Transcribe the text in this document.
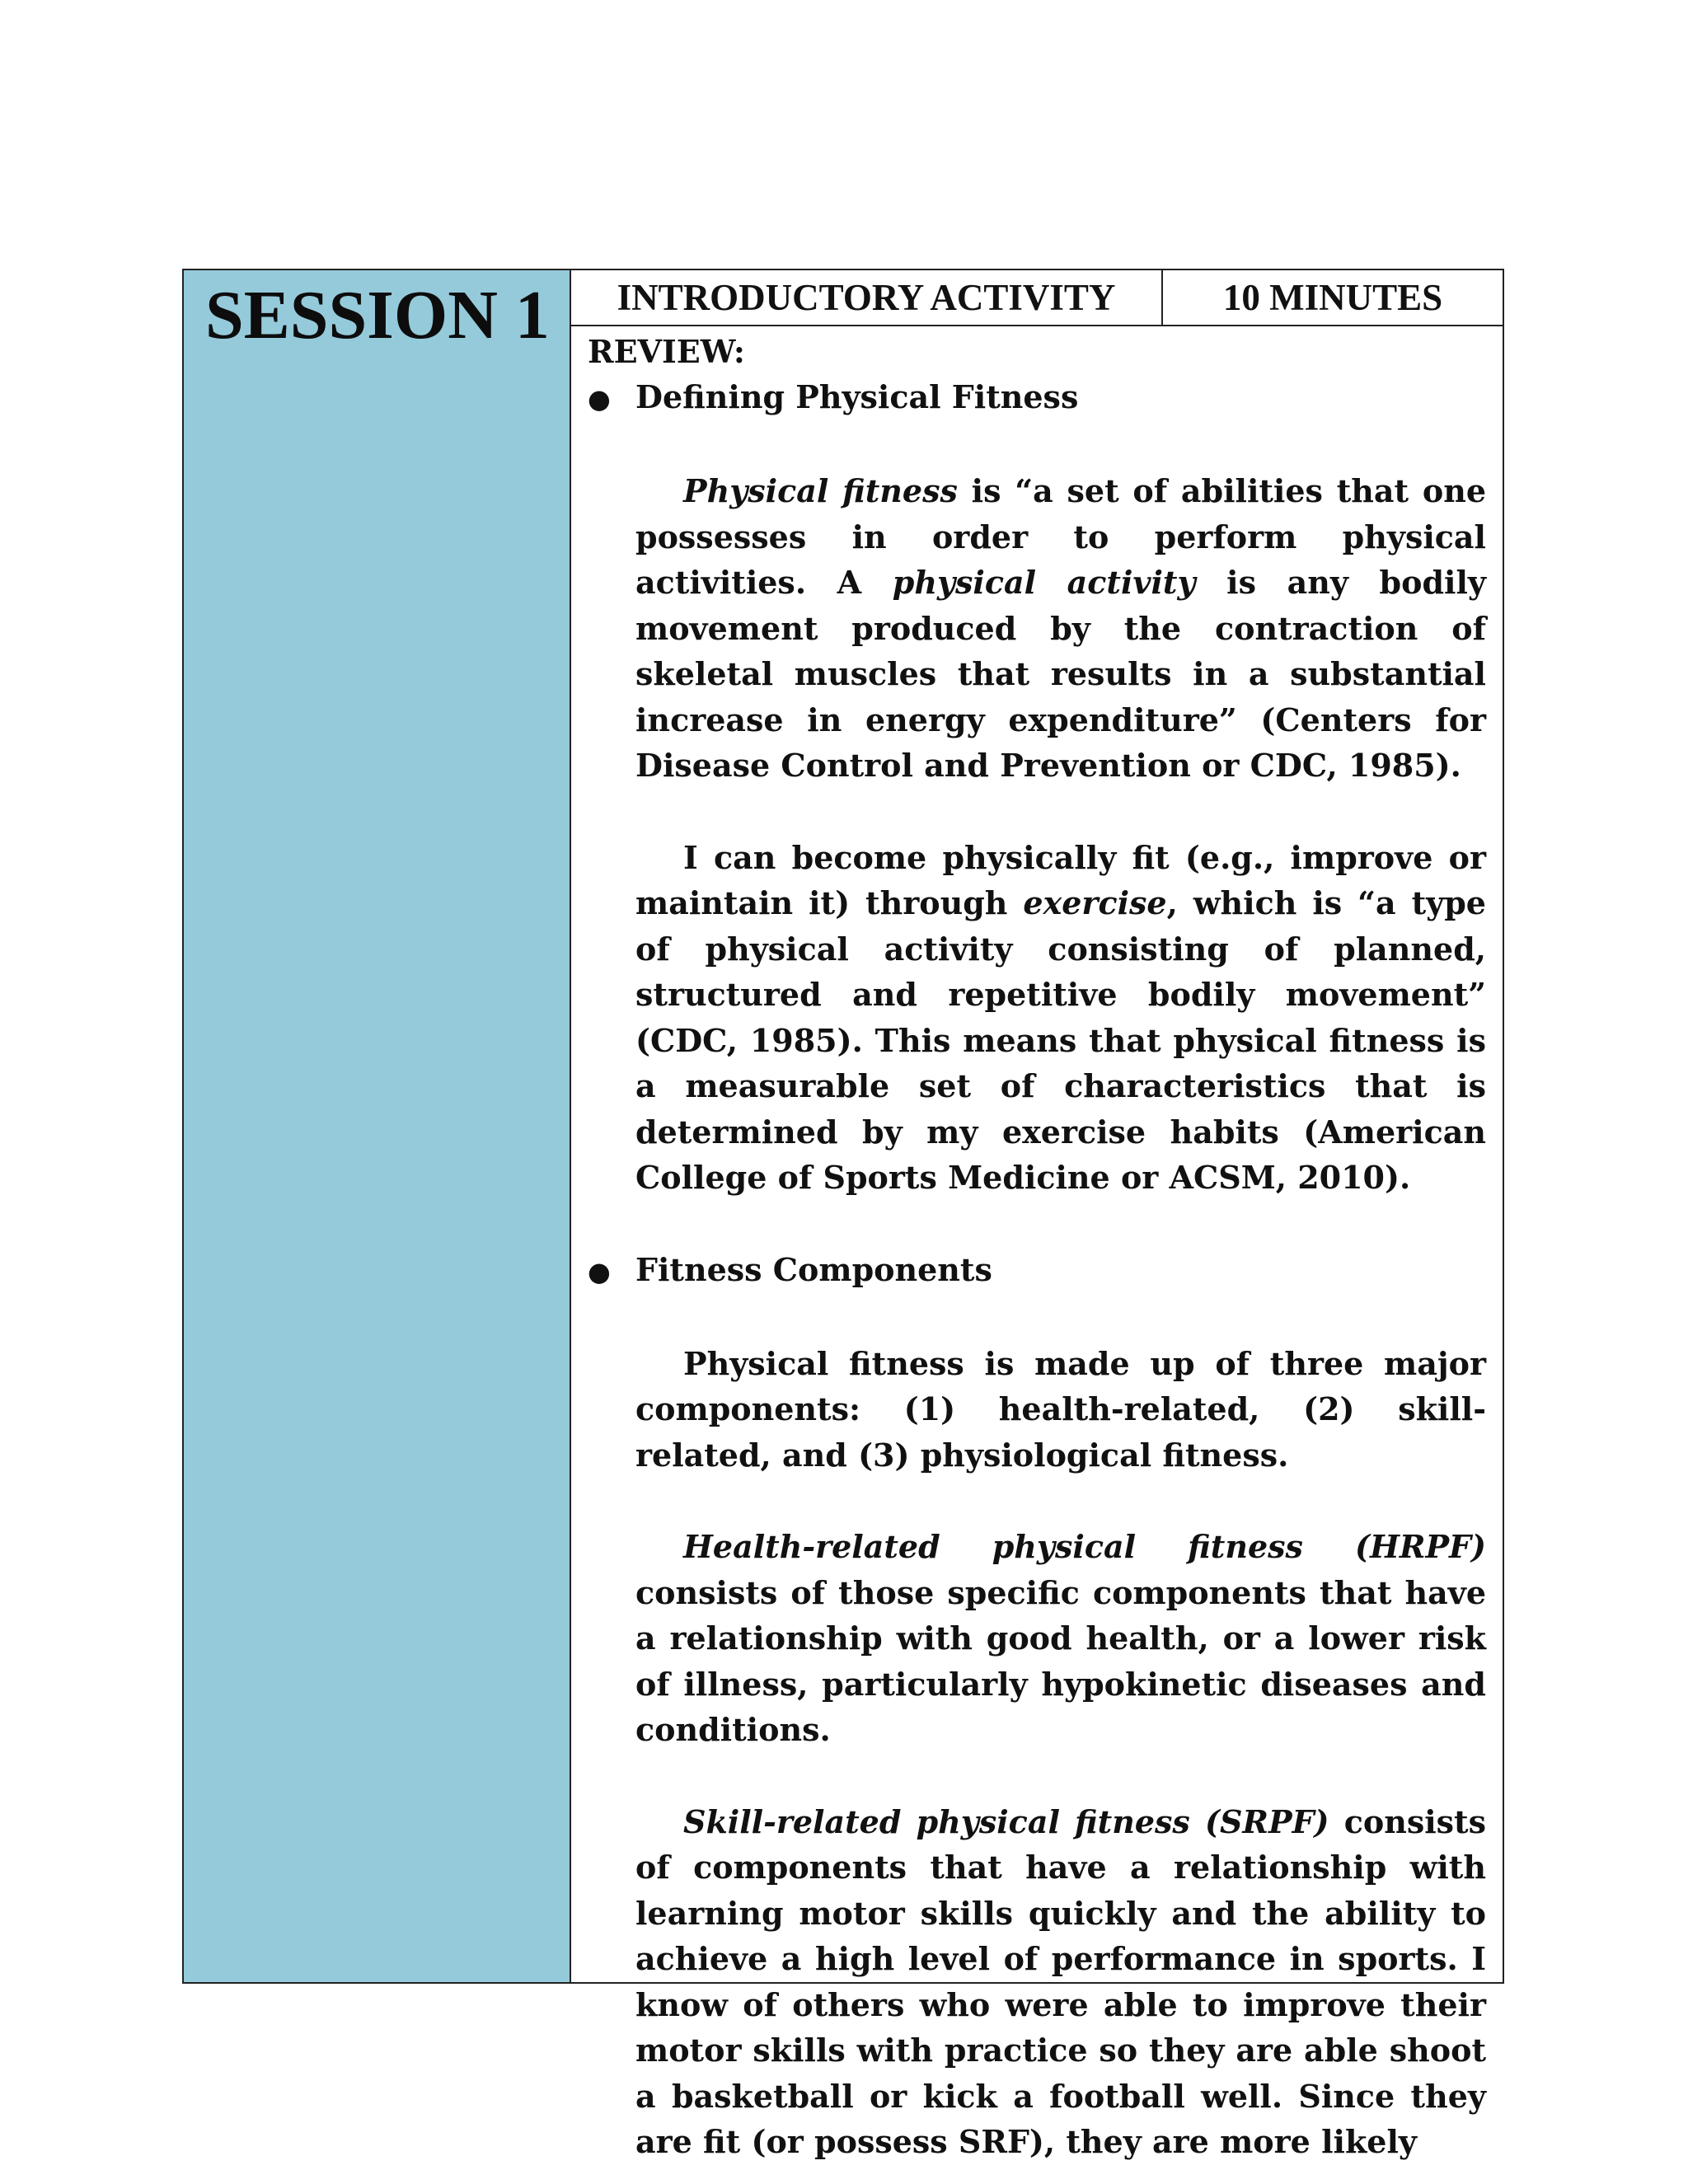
SESSION 1	INTRODUCTORY ACTIVITY	10 MINUTES

REVIEW:

● Defining Physical Fitness

Physical fitness is “a set of abilities that one possesses in order to perform physical activities. A physical activity is any bodily movement produced by the contraction of skeletal muscles that results in a substantial increase in energy expenditure” (Centers for Disease Control and Prevention or CDC, 1985).

I can become physically fit (e.g., improve or maintain it) through exercise, which is “a type of physical activity consisting of planned, structured and repetitive bodily movement” (CDC, 1985). This means that physical fitness is a measurable set of characteristics that is determined by my exercise habits (American College of Sports Medicine or ACSM, 2010).

● Fitness Components

Physical fitness is made up of three major components: (1) health-related, (2) skill-related, and (3) physiological fitness.

Health-related physical fitness (HRPF) consists of those specific components that have a relationship with good health, or a lower risk of illness, particularly hypokinetic diseases and conditions.

Skill-related physical fitness (SRPF) consists of components that have a relationship with learning motor skills quickly and the ability to achieve a high level of performance in sports. I know of others who were able to improve their motor skills with practice so they are able shoot a basketball or kick a football well. Since they are fit (or possess SRF), they are more likely
